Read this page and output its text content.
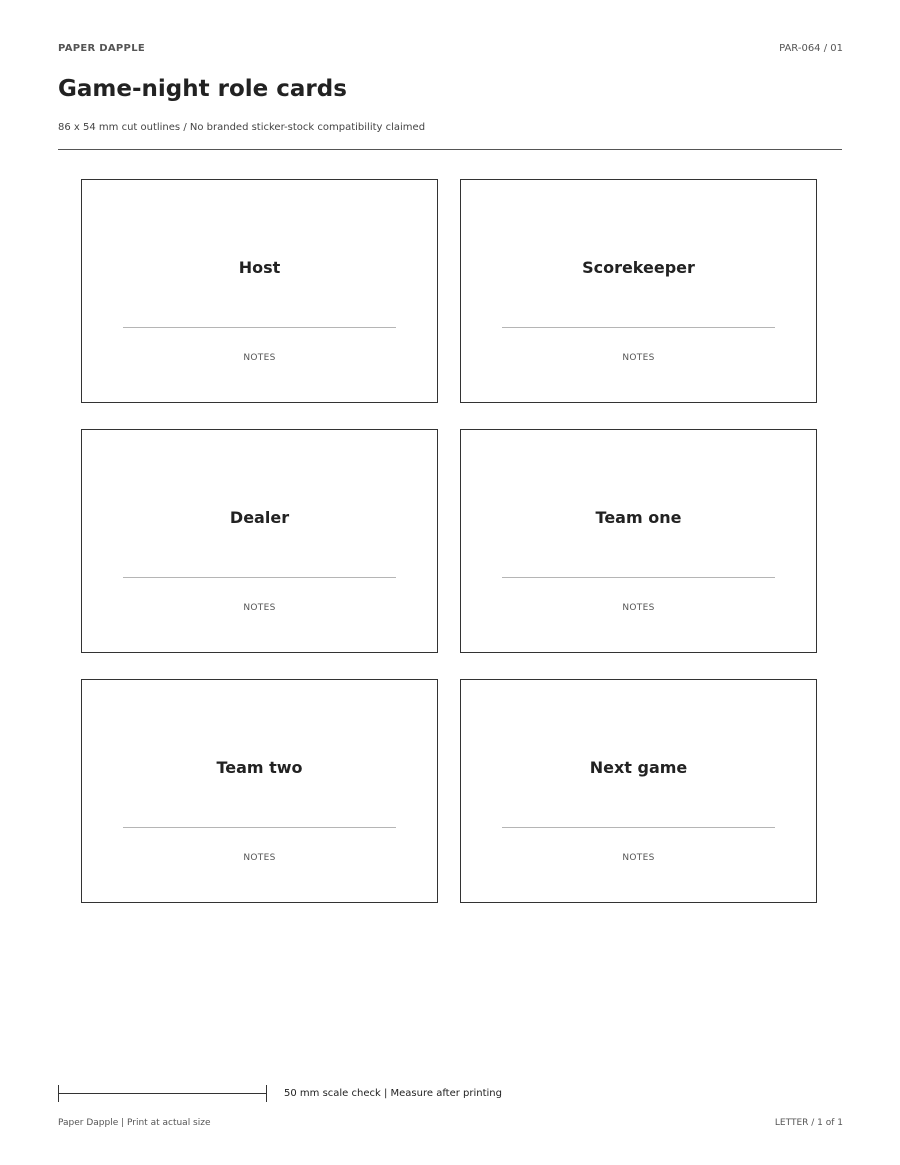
PAPER DAPPLE	PAR-064 / 01
Game-night role cards
86 x 54 mm cut outlines / No branded sticker-stock compatibility claimed
Host
NOTES
Scorekeeper
NOTES
Dealer
NOTES
Team one
NOTES
Team two
NOTES
Next game
NOTES
50 mm scale check | Measure after printing
Paper Dapple | Print at actual size	LETTER / 1 of 1
